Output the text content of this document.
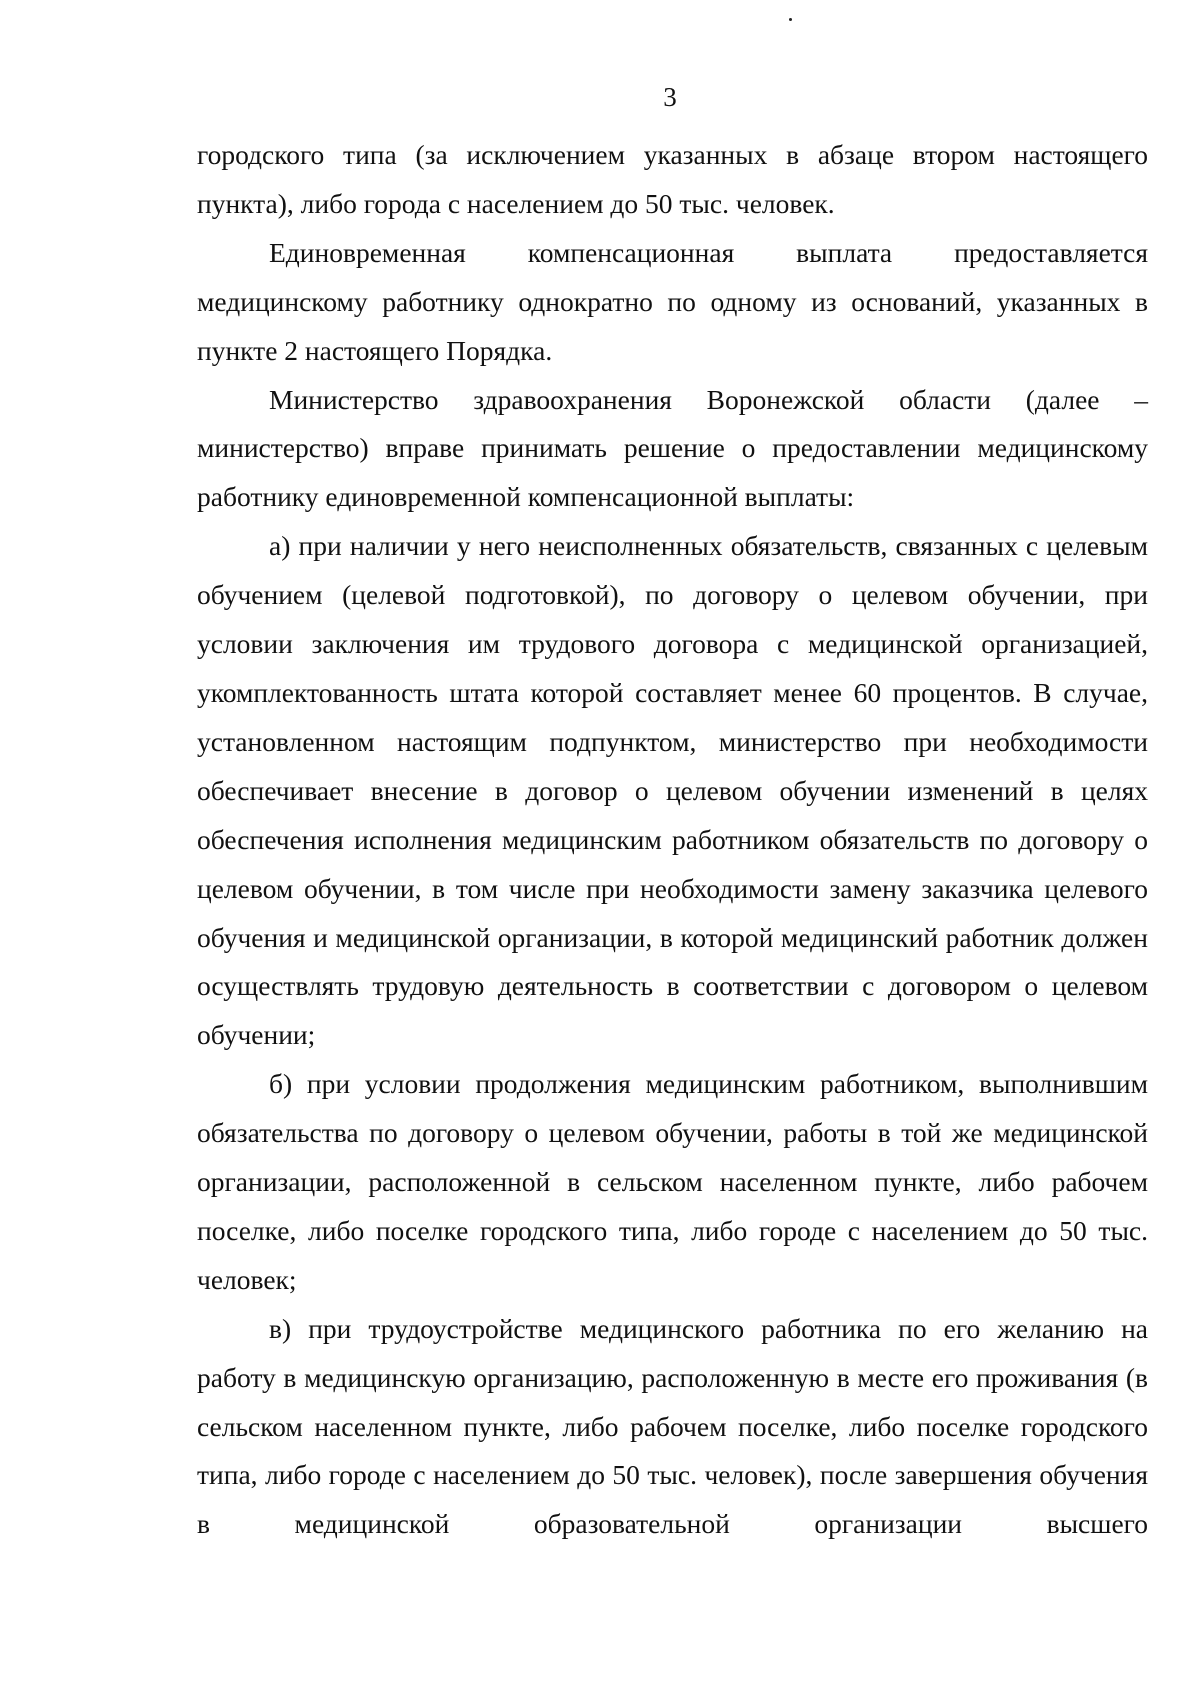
3

городского типа (за исключением указанных в абзаце втором настоящего пункта), либо города с населением до 50 тыс. человек.

Единовременная компенсационная выплата предоставляется медицинскому работнику однократно по одному из оснований, указанных в пункте 2 настоящего Порядка.

Министерство здравоохранения Воронежской области (далее – министерство) вправе принимать решение о предоставлении медицинскому работнику единовременной компенсационной выплаты:

а) при наличии у него неисполненных обязательств, связанных с целевым обучением (целевой подготовкой), по договору о целевом обучении, при условии заключения им трудового договора с медицинской организацией, укомплектованность штата которой составляет менее 60 процентов. В случае, установленном настоящим подпунктом, министерство при необходимости обеспечивает внесение в договор о целевом обучении изменений в целях обеспечения исполнения медицинским работником обязательств по договору о целевом обучении, в том числе при необходимости замену заказчика целевого обучения и медицинской организации, в которой медицинский работник должен осуществлять трудовую деятельность в соответствии с договором о целевом обучении;

б) при условии продолжения медицинским работником, выполнившим обязательства по договору о целевом обучении, работы в той же медицинской организации, расположенной в сельском населенном пункте, либо рабочем поселке, либо поселке городского типа, либо городе с населением до 50 тыс. человек;

в) при трудоустройстве медицинского работника по его желанию на работу в медицинскую организацию, расположенную в месте его проживания (в сельском населенном пункте, либо рабочем поселке, либо поселке городского типа, либо городе с населением до 50 тыс. человек), после завершения обучения в медицинской образовательной организации высшего
